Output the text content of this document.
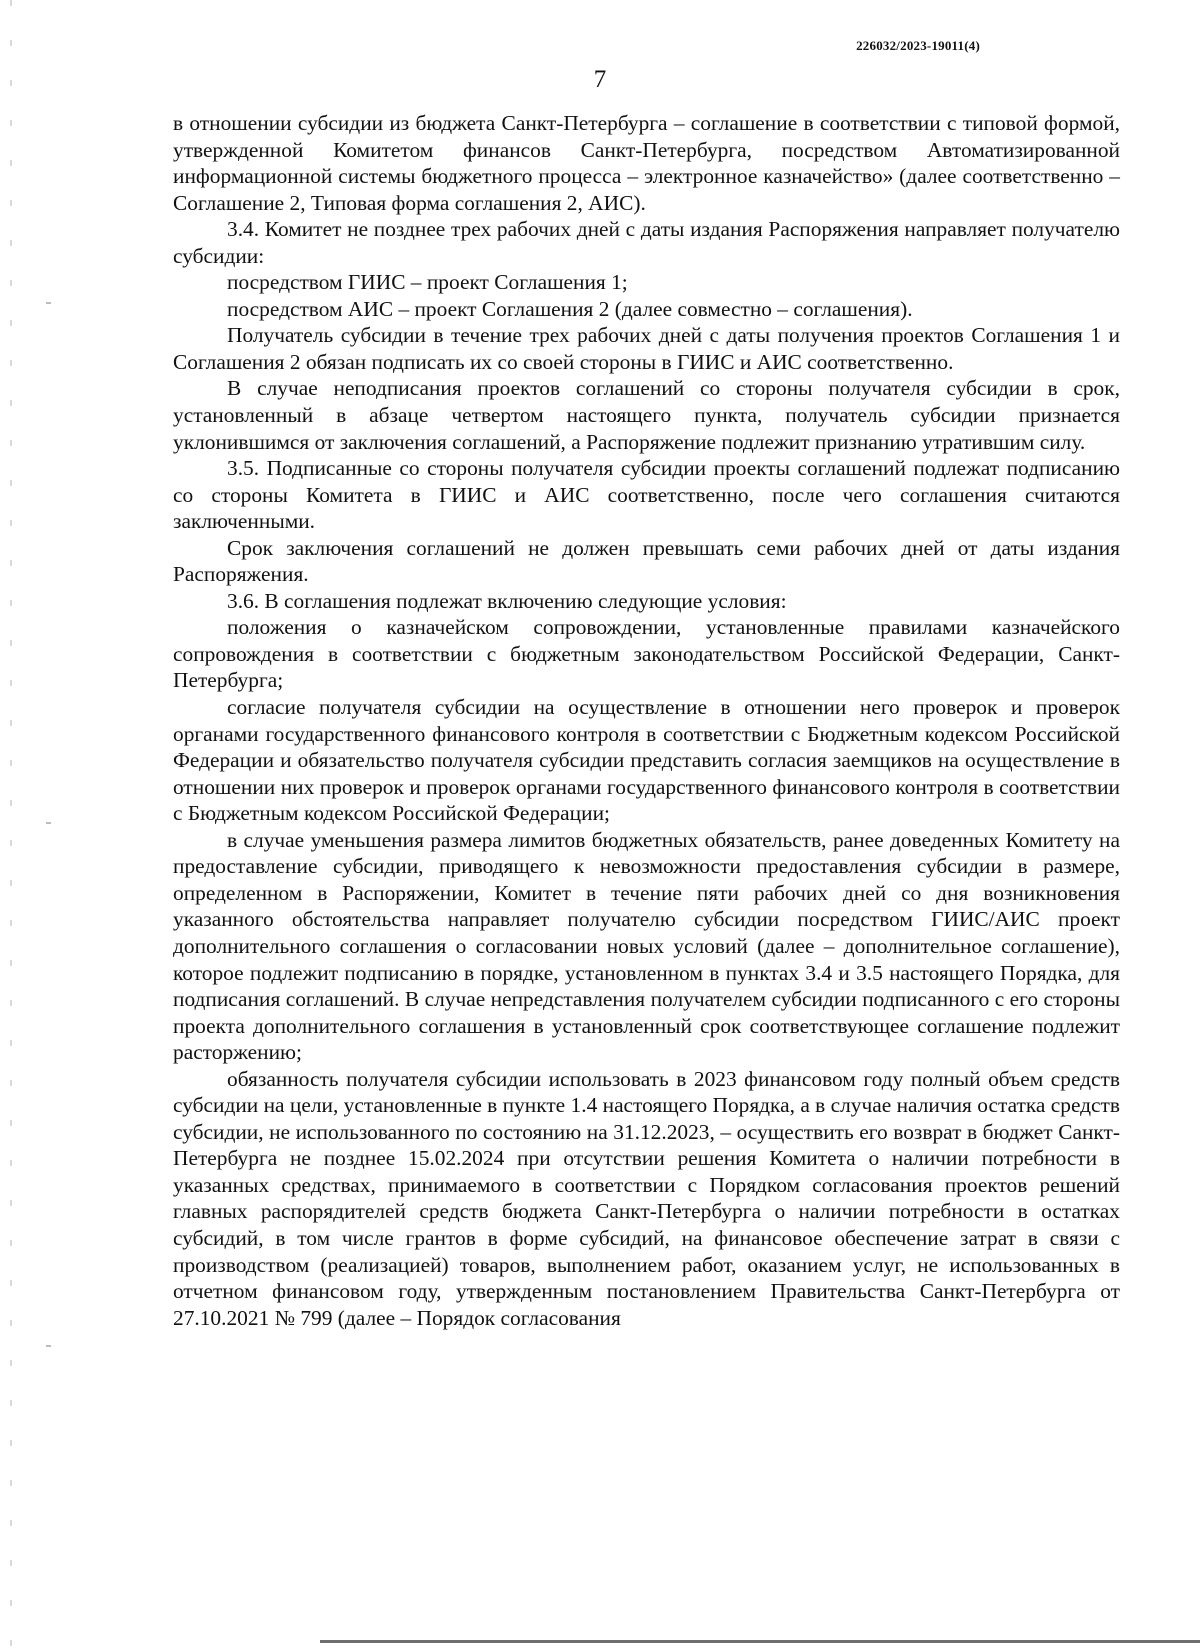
226032/2023-19011(4)
7

в отношении субсидии из бюджета Санкт-Петербурга – соглашение в соответствии с типовой формой, утвержденной Комитетом финансов Санкт-Петербурга, посредством Автоматизированной информационной системы бюджетного процесса – электронное казначейство» (далее соответственно – Соглашение 2, Типовая форма соглашения 2, АИС).

3.4. Комитет не позднее трех рабочих дней с даты издания Распоряжения направляет получателю субсидии:

посредством ГИИС – проект Соглашения 1;

посредством АИС – проект Соглашения 2 (далее совместно – соглашения).

Получатель субсидии в течение трех рабочих дней с даты получения проектов Соглашения 1 и Соглашения 2 обязан подписать их со своей стороны в ГИИС и АИС соответственно.

В случае неподписания проектов соглашений со стороны получателя субсидии в срок, установленный в абзаце четвертом настоящего пункта, получатель субсидии признается уклонившимся от заключения соглашений, а Распоряжение подлежит признанию утратившим силу.

3.5. Подписанные со стороны получателя субсидии проекты соглашений подлежат подписанию со стороны Комитета в ГИИС и АИС соответственно, после чего соглашения считаются заключенными.

Срок заключения соглашений не должен превышать семи рабочих дней от даты издания Распоряжения.

3.6. В соглашения подлежат включению следующие условия:

положения о казначейском сопровождении, установленные правилами казначейского сопровождения в соответствии с бюджетным законодательством Российской Федерации, Санкт-Петербурга;

согласие получателя субсидии на осуществление в отношении него проверок и проверок органами государственного финансового контроля в соответствии с Бюджетным кодексом Российской Федерации и обязательство получателя субсидии представить согласия заемщиков на осуществление в отношении них проверок и проверок органами государственного финансового контроля в соответствии с Бюджетным кодексом Российской Федерации;

в случае уменьшения размера лимитов бюджетных обязательств, ранее доведенных Комитету на предоставление субсидии, приводящего к невозможности предоставления субсидии в размере, определенном в Распоряжении, Комитет в течение пяти рабочих дней со дня возникновения указанного обстоятельства направляет получателю субсидии посредством ГИИС/АИС проект дополнительного соглашения о согласовании новых условий (далее – дополнительное соглашение), которое подлежит подписанию в порядке, установленном в пунктах 3.4 и 3.5 настоящего Порядка, для подписания соглашений. В случае непредставления получателем субсидии подписанного с его стороны проекта дополнительного соглашения в установленный срок соответствующее соглашение подлежит расторжению;

обязанность получателя субсидии использовать в 2023 финансовом году полный объем средств субсидии на цели, установленные в пункте 1.4 настоящего Порядка, а в случае наличия остатка средств субсидии, не использованного по состоянию на 31.12.2023, – осуществить его возврат в бюджет Санкт-Петербурга не позднее 15.02.2024 при отсутствии решения Комитета о наличии потребности в указанных средствах, принимаемого в соответствии с Порядком согласования проектов решений главных распорядителей средств бюджета Санкт-Петербурга о наличии потребности в остатках субсидий, в том числе грантов в форме субсидий, на финансовое обеспечение затрат в связи с производством (реализацией) товаров, выполнением работ, оказанием услуг, не использованных в отчетном финансовом году, утвержденным постановлением Правительства Санкт-Петербурга от 27.10.2021 № 799 (далее – Порядок согласования
